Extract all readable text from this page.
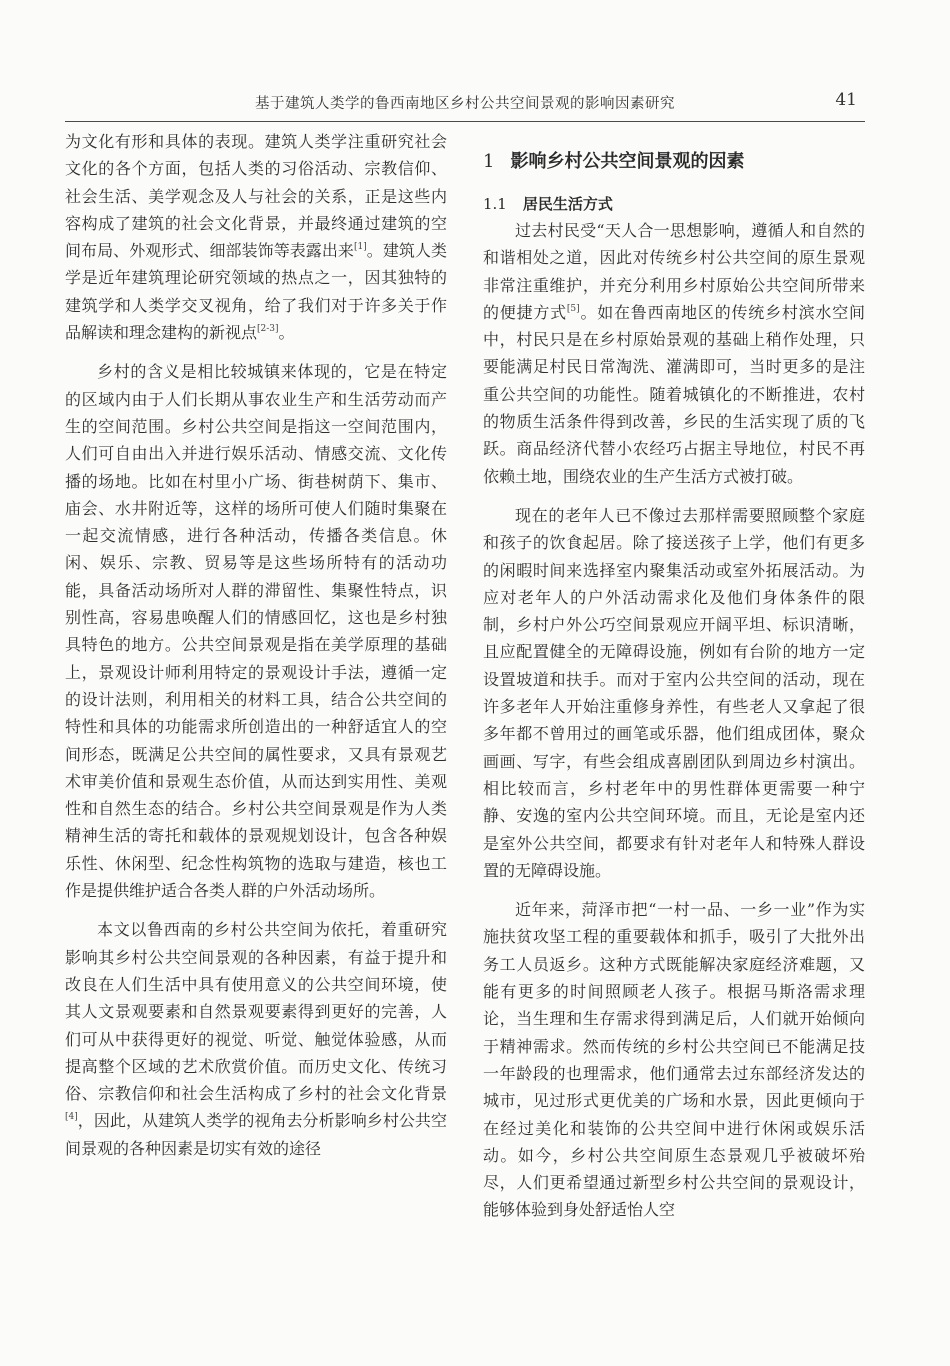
基于建筑人类学的鲁西南地区乡村公共空间景观的影响因素研究	41

为文化有形和具体的表现。建筑人类学注重研究社会文化的各个方面，包括人类的习俗活动、宗教信仰、社会生活、美学观念及人与社会的关系，正是这些内容构成了建筑的社会文化背景，并最终通过建筑的空间布局、外观形式、细部装饰等表露出来[1]。建筑人类学是近年建筑理论研究领域的热点之一，因其独特的建筑学和人类学交叉视角，给了我们对于许多关于作品解读和理念建构的新视点[2-3]。

乡村的含义是相比较城镇来体现的，它是在特定的区域内由于人们长期从事农业生产和生活劳动而产生的空间范围。乡村公共空间是指这一空间范围内，人们可自由出入并进行娱乐活动、情感交流、文化传播的场地。比如在村里小广场、街巷树荫下、集市、庙会、水井附近等，这样的场所可使人们随时集聚在一起交流情感，进行各种活动，传播各类信息。休闲、娱乐、宗教、贸易等是这些场所特有的活动功能，具备活动场所对人群的滞留性、集聚性特点，识别性高，容易患唤醒人们的情感回忆，这也是乡村独具特色的地方。公共空间景观是指在美学原理的基础上，景观设计师利用特定的景观设计手法，遵循一定的设计法则，利用相关的材料工具，结合公共空间的特性和具体的功能需求所创造出的一种舒适宜人的空间形态，既满足公共空间的属性要求，又具有景观艺术审美价值和景观生态价值，从而达到实用性、美观性和自然生态的结合。乡村公共空间景观是作为人类精神生活的寄托和载体的景观规划设计，包含各种娱乐性、休闲型、纪念性构筑物的选取与建造，核也工作是提供维护适合各类人群的户外活动场所。

本文以鲁西南的乡村公共空间为依托，着重研究影响其乡村公共空间景观的各种因素，有益于提升和改良在人们生活中具有使用意义的公共空间环境，使其人文景观要素和自然景观要素得到更好的完善，人们可从中获得更好的视觉、听觉、触觉体验感，从而提高整个区域的艺术欣赏价值。而历史文化、传统习俗、宗教信仰和社会生活构成了乡村的社会文化背景[4]，因此，从建筑人类学的视角去分析影响乡村公共空间景观的各种因素是切实有效的途径

1 影响乡村公共空间景观的因素
1.1 居民生活方式

过去村民受“天人合一思想影响，遵循人和自然的和谐相处之道，因此对传统乡村公共空间的原生景观非常注重维护，并充分利用乡村原始公共空间所带来的便捷方式[5]。如在鲁西南地区的传统乡村滨水空间中，村民只是在乡村原始景观的基础上稍作处理，只要能满足村民日常淘洗、灌满即可，当时更多的是注重公共空间的功能性。随着城镇化的不断推进，农村的物质生活条件得到改善，乡民的生活实现了质的飞跃。商品经济代替小农经巧占据主导地位，村民不再依赖土地，围绕农业的生产生活方式被打破。

现在的老年人已不像过去那样需要照顾整个家庭和孩子的饮食起居。除了接送孩子上学，他们有更多的闲暇时间来选择室内聚集活动或室外拓展活动。为应对老年人的户外活动需求化及他们身体条件的限制，乡村户外公巧空间景观应开阔平坦、标识清晰，且应配置健全的无障碍设施，例如有台阶的地方一定设置坡道和扶手。而对于室内公共空间的活动，现在许多老年人开始注重修身养性，有些老人又拿起了很多年都不曾用过的画笔或乐器，他们组成团体，聚众画画、写字，有些会组成喜剧团队到周边乡村演出。相比较而言，乡村老年中的男性群体更需要一种宁静、安逸的室内公共空间环境。而且，无论是室内还是室外公共空间，都要求有针对老年人和特殊人群设置的无障碍设施。

近年来，菏泽市把“一村一品、一乡一业”作为实施扶贫攻坚工程的重要载体和抓手，吸引了大批外出务工人员返乡。这种方式既能解决家庭经济难题，又能有更多的时间照顾老人孩子。根据马斯洛需求理论，当生理和生存需求得到满足后，人们就开始倾向于精神需求。然而传统的乡村公共空间已不能满足技一年龄段的也理需求，他们通常去过东部经济发达的城市，见过形式更优美的广场和水景，因此更倾向于在经过美化和装饰的公共空间中进行休闲或娱乐活动。如今，乡村公共空间原生态景观几乎被破坏殆尽，人们更希望通过新型乡村公共空间的景观设计，能够体验到身处舒适怡人空
